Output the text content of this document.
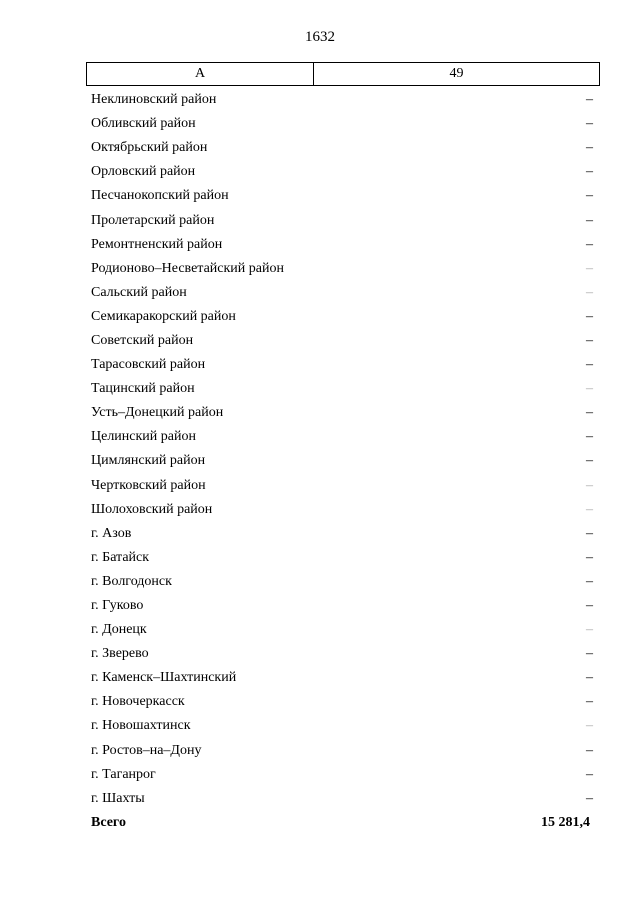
1632
А	49
Неклиновский район	–
Обливский район	–
Октябрьский район	–
Орловский район	–
Песчанокопский район	–
Пролетарский район	–
Ремонтненский район	–
Родионово–Несветайский район	–
Сальский район	–
Семикаракорский район	–
Советский район	–
Тарасовский район	–
Тацинский район	–
Усть–Донецкий район	–
Целинский район	–
Цимлянский район	–
Чертковский район	–
Шолоховский район	–
г. Азов	–
г. Батайск	–
г. Волгодонск	–
г. Гуково	–
г. Донецк	–
г. Зверево	–
г. Каменск–Шахтинский	–
г. Новочеркасск	–
г. Новошахтинск	–
г. Ростов–на–Дону	–
г. Таганрог	–
г. Шахты	–
Всего	15 281,4
